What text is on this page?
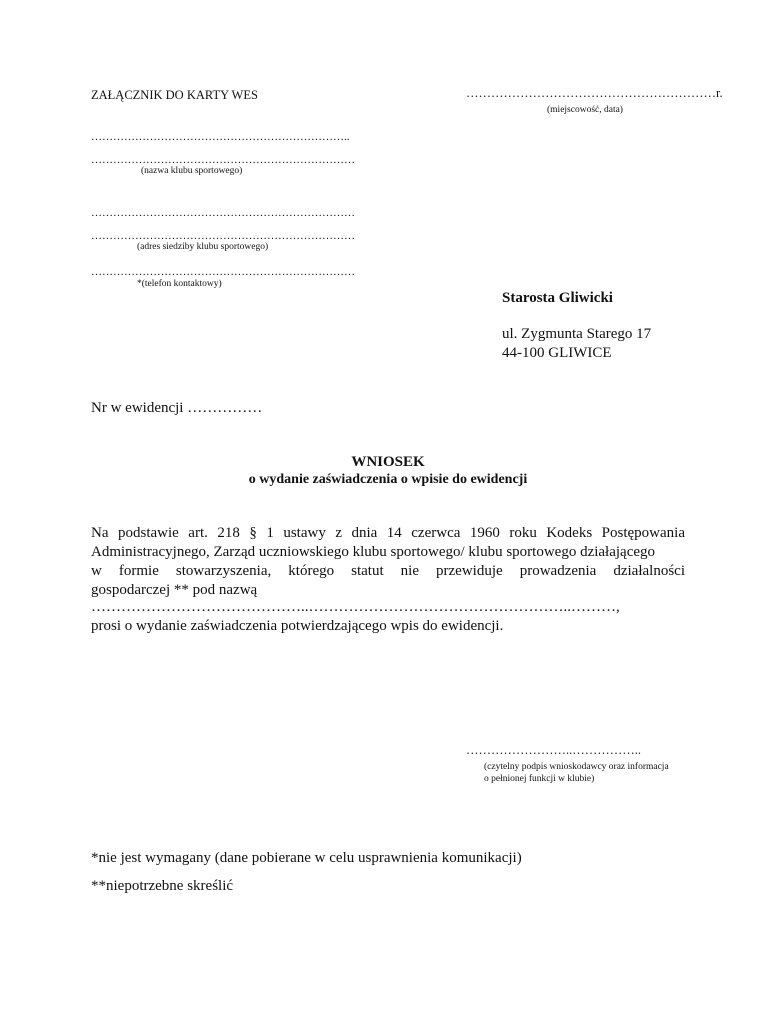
ZAŁĄCZNIK DO KARTY WES	……………………………………………………r.
(miejscowość, data)
……………………………………………………………..
………………………………………………………………
(nazwa klubu sportowego)
………………………………………………………………
………………………………………………………………
(adres siedziby klubu sportowego)
………………………………………………………………
*(telefon kontaktowy)
Starosta Gliwicki
ul. Zygmunta Starego 17
44-100 GLIWICE
Nr w ewidencji ……………
WNIOSEK
o wydanie zaświadczenia o wpisie do ewidencji
Na podstawie art. 218 § 1 ustawy z dnia 14 czerwca 1960 roku Kodeks Postępowania
Administracyjnego, Zarząd uczniowskiego klubu sportowego/ klubu sportowego działającego
w formie stowarzyszenia, którego statut nie przewiduje prowadzenia działalności
gospodarczej ** pod nazwą
……………………………………..……………………………………………..………,
prosi o wydanie zaświadczenia potwierdzającego wpis do ewidencji.
……………………..……………..
(czytelny podpis wnioskodawcy oraz informacja
o pełnionej funkcji w klubie)
*nie jest wymagany (dane pobierane w celu usprawnienia komunikacji)
**niepotrzebne skreślić
